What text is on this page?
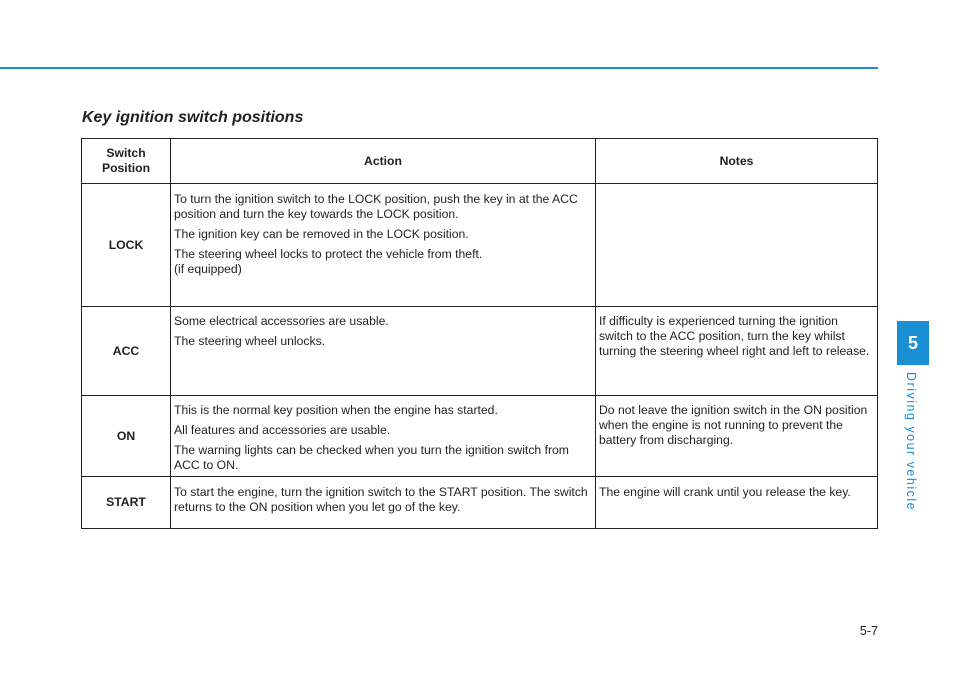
Key ignition switch positions
Switch
Position	Action	Notes
LOCK	To turn the ignition switch to the LOCK position, push the key in at the ACC position and turn the key towards the LOCK position.
The ignition key can be removed in the LOCK position.
The steering wheel locks to protect the vehicle from theft.
(if equipped)	

ACC	Some electrical accessories are usable.
The steering wheel unlocks.	If difficulty is experienced turning the ignition switch to the ACC position, turn the key whilst turning the steering wheel right and left to release.
ON	This is the normal key position when the engine has started.
All features and accessories are usable.
The warning lights can be checked when you turn the ignition switch from ACC to ON.	Do not leave the ignition switch in the ON position when the engine is not running to prevent the battery from discharging.
START	To start the engine, turn the ignition switch to the START position. The switch returns to the ON position when you let go of the key.	The engine will crank until you release the key.
5
Driving your vehicle
5-7
